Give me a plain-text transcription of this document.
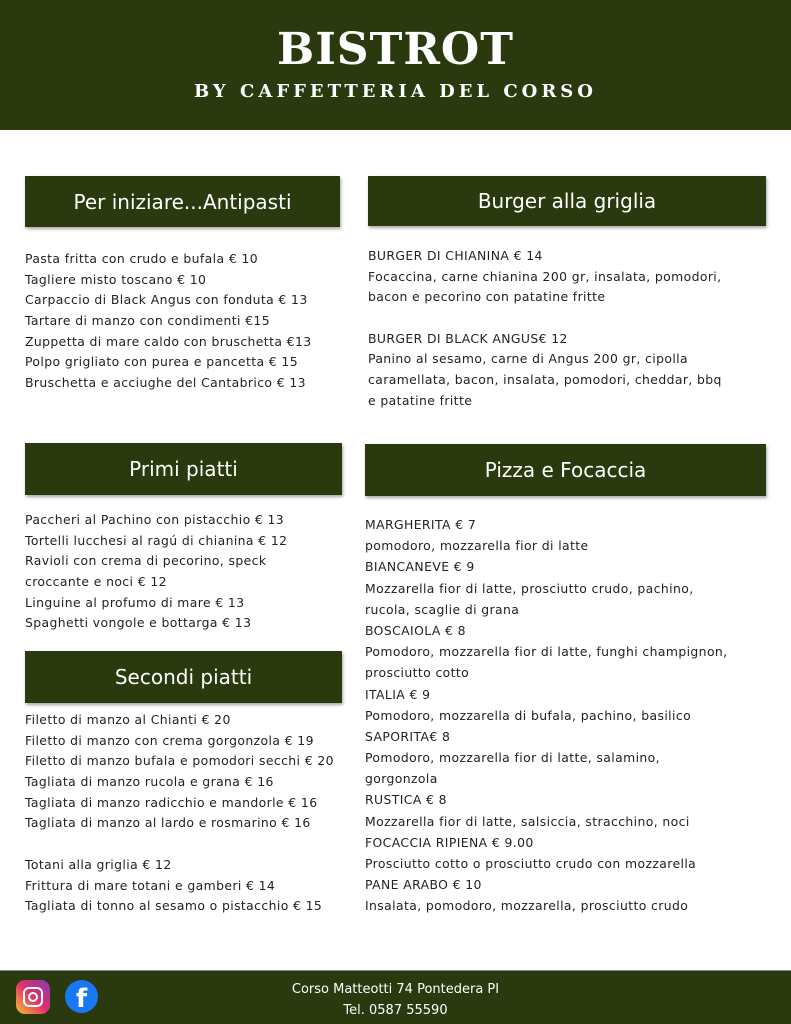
BISTROT
BY CAFFETTERIA DEL CORSO
Per iniziare...Antipasti
Pasta fritta con crudo e bufala € 10
Tagliere misto toscano € 10
Carpaccio di Black Angus con fonduta € 13
Tartare di manzo con condimenti €15
Zuppetta di mare caldo con bruschetta €13
Polpo grigliato con purea e pancetta € 15
Bruschetta e acciughe del Cantabrico € 13
Burger alla griglia
BURGER DI CHIANINA € 14
Focaccina, carne chianina 200 gr, insalata, pomodori,
bacon e pecorino con patatine fritte
BURGER DI BLACK ANGUS€ 12
Panino al sesamo, carne di Angus 200 gr, cipolla
caramellata, bacon, insalata, pomodori, cheddar, bbq
e patatine fritte
Primi piatti
Paccheri al Pachino con pistacchio € 13
Tortelli lucchesi al ragú di chianina € 12
Ravioli con crema di pecorino, speck
croccante e noci € 12
Linguine al profumo di mare € 13
Spaghetti vongole e bottarga € 13
Secondi piatti
Filetto di manzo al Chianti € 20
Filetto di manzo con crema gorgonzola € 19
Filetto di manzo bufala e pomodori secchi € 20
Tagliata di manzo rucola e grana € 16
Tagliata di manzo radicchio e mandorle € 16
Tagliata di manzo al lardo e rosmarino € 16
Totani alla griglia € 12
Frittura di mare totani e gamberi € 14
Tagliata di tonno al sesamo o pistacchio € 15
Pizza e Focaccia
MARGHERITA € 7
pomodoro, mozzarella fior di latte
BIANCANEVE € 9
Mozzarella fior di latte, prosciutto crudo, pachino,
rucola, scaglie di grana
BOSCAIOLA € 8
Pomodoro, mozzarella fior di latte, funghi champignon,
prosciutto cotto
ITALIA € 9
Pomodoro, mozzarella di bufala, pachino, basilico
SAPORITA€ 8
Pomodoro, mozzarella fior di latte, salamino,
gorgonzola
RUSTICA € 8
Mozzarella fior di latte, salsiccia, stracchino, noci
FOCACCIA RIPIENA € 9.00
Prosciutto cotto o prosciutto crudo con mozzarella
PANE ARABO € 10
Insalata, pomodoro, mozzarella, prosciutto crudo
Corso Matteotti 74 Pontedera PI
Tel. 0587 55590
f
